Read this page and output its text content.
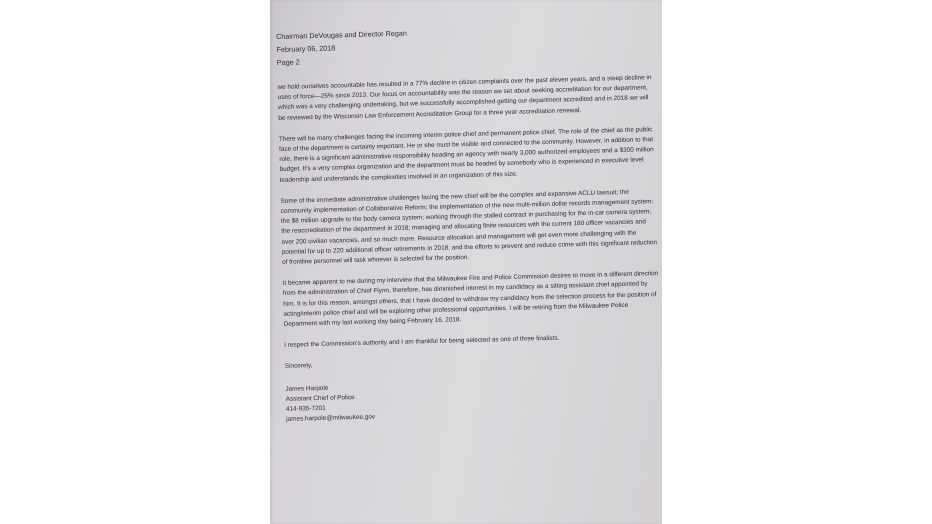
Chairman DeVougas and Director Regan
February 06, 2018
Page 2

we hold ourselves accountable has resulted in a 77% decline in citizen complaints over the past eleven years, and a steep decline in uses of force—25% since 2013. Our focus on accountability was the reason we set about seeking accreditation for our department, which was a very challenging undertaking, but we successfully accomplished getting our department accredited and in 2018 we will be reviewed by the Wisconsin Law Enforcement Accreditation Group for a three year accreditation renewal.

There will be many challenges facing the incoming interim police chief and permanent police chief. The role of the chief as the public face of the department is certainly important. He or she must be visible and connected to the community. However, in addition to that role, there is a significant administrative responsibility heading an agency with nearly 3,000 authorized employees and a $300 million budget. It's a very complex organization and the department must be headed by somebody who is experienced in executive level leadership and understands the complexities involved in an organization of this size.

Some of the immediate administrative challenges facing the new chief will be the complex and expansive ACLU lawsuit; the community implementation of Collaborative Reform; the implementation of the new multi-million dollar records management system; the $8 million upgrade to the body camera system; working through the stalled contract in purchasing for the in-car camera system; the reaccreditation of the department in 2018; managing and allocating finite resources with the current 180 officer vacancies and over 200 civilian vacancies, and so much more. Resource allocation and management will get even more challenging with the potential for up to 220 additional officer retirements in 2018, and the efforts to prevent and reduce crime with this significant reduction of frontline personnel will task whoever is selected for the position.

It became apparent to me during my interview that the Milwaukee Fire and Police Commission desires to move in a different direction from the administration of Chief Flynn, therefore, has diminished interest in my candidacy as a sitting assistant chief appointed by him. It is for this reason, amongst others, that I have decided to withdraw my candidacy from the selection process for the position of acting/interim police chief and will be exploring other professional opportunities. I will be retiring from the Milwaukee Police Department with my last working day being February 16, 2018.

I respect the Commission's authority and I am thankful for being selected as one of three finalists.

Sincerely,
James Harpole
Assistant Chief of Police
414-935-7201
james.harpole@milwaukee.gov
